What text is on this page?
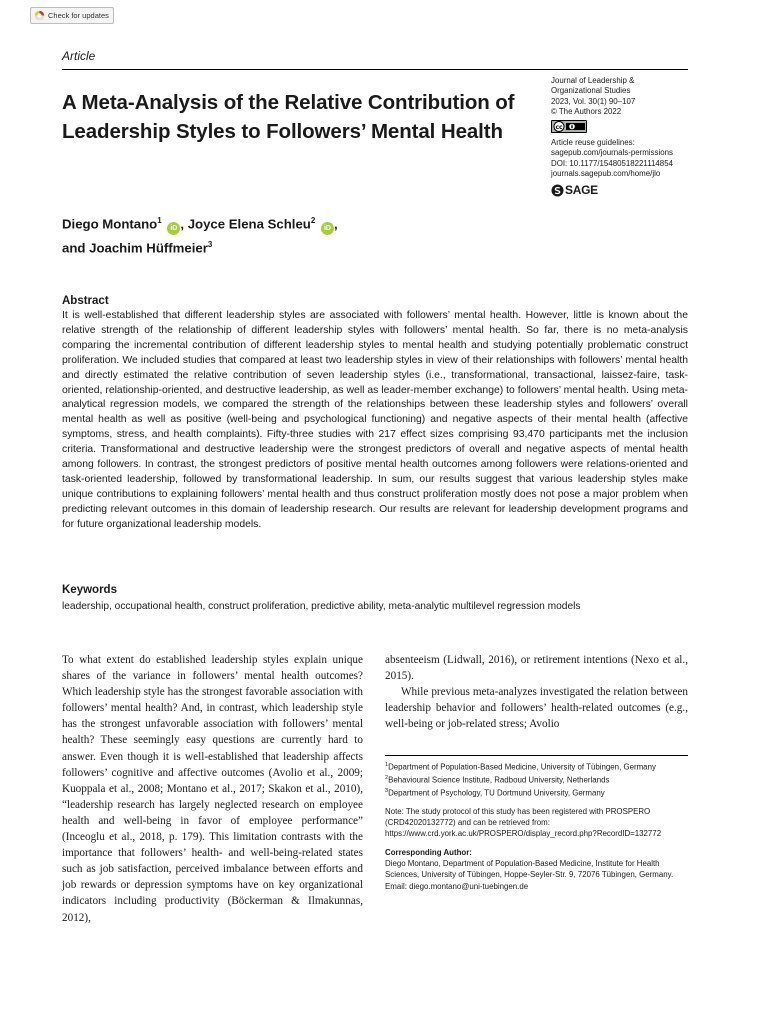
Check for updates
Article
A Meta-Analysis of the Relative Contribution of Leadership Styles to Followers’ Mental Health
Journal of Leadership &
Organizational Studies
2023, Vol. 30(1) 90–107
© The Authors 2022
cc
Article reuse guidelines:
sagepub.com/journals-permissions
DOI: 10.1177/15480518221114854
journals.sagepub.com/home/jlo
SAGE
Diego Montano$^1$ iD , Joyce Elena Schleu$^2$ iD ,
and Joachim Hüffmeier$^3$
Abstract
It is well-established that different leadership styles are associated with followers’ mental health. However, little is known about the relative strength of the relationship of different leadership styles with followers’ mental health. So far, there is no meta-analysis comparing the incremental contribution of different leadership styles to mental health and studying potentially problematic construct proliferation. We included studies that compared at least two leadership styles in view of their relationships with followers’ mental health and directly estimated the relative contribution of seven leadership styles (i.e., transformational, transactional, laissez-faire, task-oriented, relationship-oriented, and destructive leadership, as well as leader-member exchange) to followers’ mental health. Using meta-analytical regression models, we compared the strength of the relationships between these leadership styles and followers’ overall mental health as well as positive (well-being and psychological functioning) and negative aspects of their mental health (affective symptoms, stress, and health complaints). Fifty-three studies with 217 effect sizes comprising 93,470 participants met the inclusion criteria. Transformational and destructive leadership were the strongest predictors of overall and negative aspects of mental health among followers. In contrast, the strongest predictors of positive mental health outcomes among followers were relations-oriented and task-oriented leadership, followed by transformational leadership. In sum, our results suggest that various leadership styles make unique contributions to explaining followers’ mental health and thus construct proliferation mostly does not pose a major problem when predicting relevant outcomes in this domain of leadership research. Our results are relevant for leadership development programs and for future organizational leadership models.
Keywords
leadership, occupational health, construct proliferation, predictive ability, meta-analytic multilevel regression models
To what extent do established leadership styles explain unique shares of the variance in followers’ mental health outcomes? Which leadership style has the strongest favorable association with followers’ mental health? And, in contrast, which leadership style has the strongest unfavorable association with followers’ mental health? These seemingly easy questions are currently hard to answer. Even though it is well-established that leadership affects followers’ cognitive and affective outcomes (Avolio et al., 2009; Kuoppala et al., 2008; Montano et al., 2017; Skakon et al., 2010), “leadership research has largely neglected research on employee health and well-being in favor of employee performance” (Inceoglu et al., 2018, p. 179). This limitation contrasts with the importance that followers’ health- and well-being-related states such as job satisfaction, perceived imbalance between efforts and job rewards or depression symptoms have on key organizational indicators including productivity (Böckerman & Ilmakunnas, 2012),

absenteeism (Lidwall, 2016), or retirement intentions (Nexo et al., 2015).

While previous meta-analyzes investigated the relation between leadership behavior and followers’ health-related outcomes (e.g., well-being or job-related stress; Avolio

$^1$Department of Population-Based Medicine, University of Tübingen, Germany
$^2$Behavioural Science Institute, Radboud University, Netherlands
$^3$Department of Psychology, TU Dortmund University, Germany
Note: The study protocol of this study has been registered with PROSPERO (CRD42020132772) and can be retrieved from: https://www.crd.york.ac.uk/PROSPERO/display_record.php?RecordID=132772
Corresponding Author:
Diego Montano, Department of Population-Based Medicine, Institute for Health Sciences, University of Tübingen, Hoppe-Seyler-Str. 9, 72076 Tübingen, Germany.
Email: diego.montano@uni-tuebingen.de
